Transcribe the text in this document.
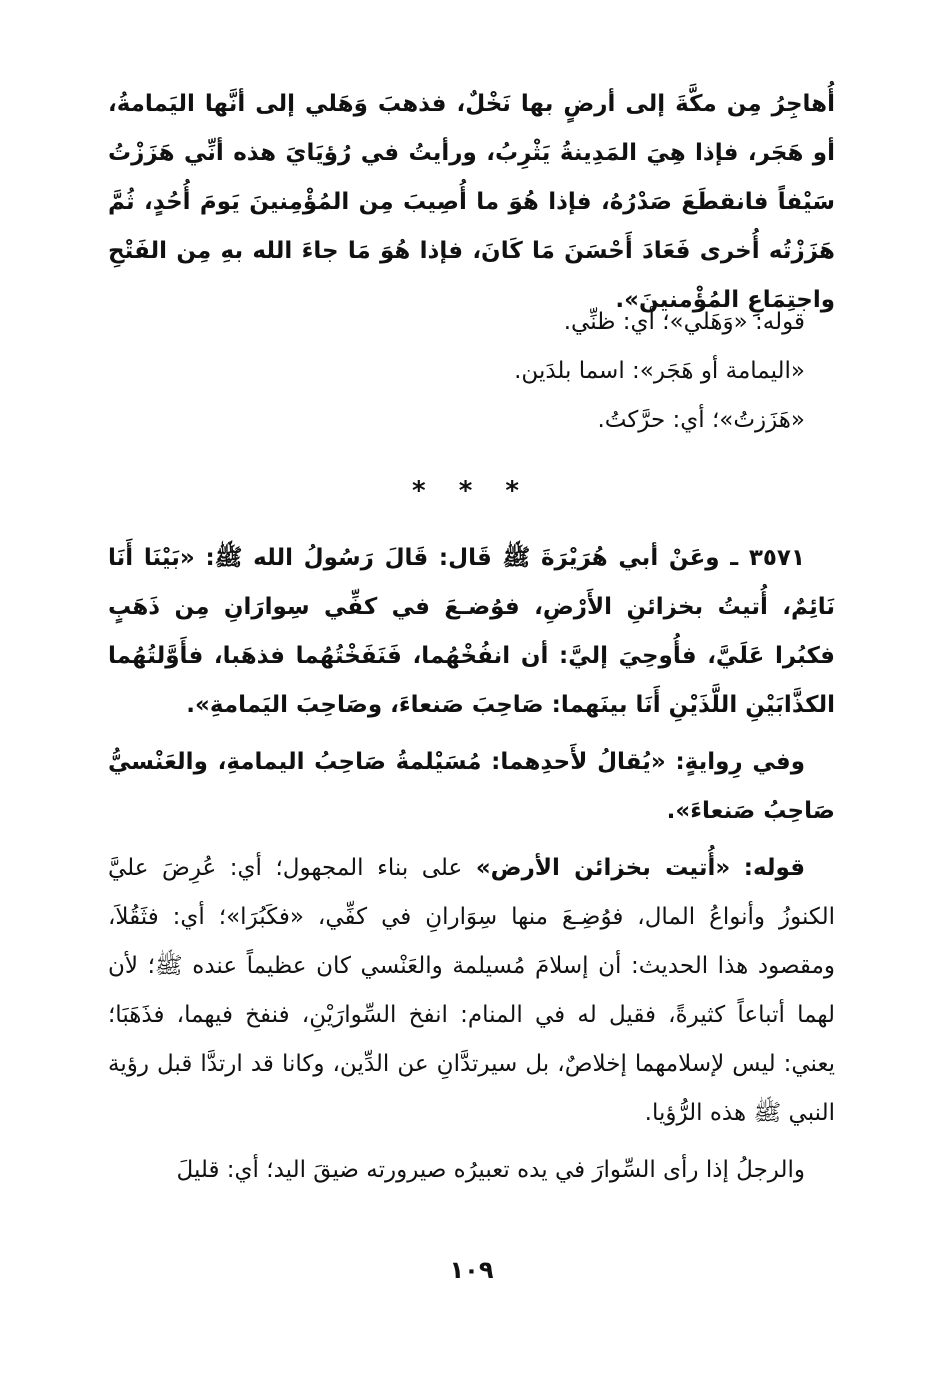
أُهاجِرُ مِن مكَّةَ إلى أرضٍ بها نَخْلٌ، فذهبَ وَهَلي إلى أنَّها اليَمامةُ، أو هَجَر، فإذا هِيَ المَدِينةُ يَثْرِبُ، ورأيتُ في رُؤيَايَ هذه أنِّي هَزَزْتُ سَيْفاً فانقطَعَ صَدْرُهُ، فإذا هُوَ ما أُصِيبَ مِن المُؤْمِنينَ يَومَ أُحُدٍ، ثُمَّ هَزَزْتُه أُخرى فَعَادَ أَحْسَنَ مَا كَانَ، فإذا هُوَ مَا جاءَ الله بهِ مِن الفَتْحِ واجتِمَاعِ المُؤْمنينَ».

قوله: «وَهَلي»؛ أي: ظنِّي.

«اليمامة أو هَجَر»: اسما بلدَين.

«هَزَزتُ»؛ أي: حرَّكتُ.

* * *

٣٥٧١ ـ وعَنْ أبي هُرَيْرَةَ ﷺ قَال: قَالَ رَسُولُ الله ﷺ: «بَيْنَا أَنَا نَائِمٌ، أُتيتُ بخزائنِ الأَرْضِ، فوُضـعَ في كفِّي سِوارَانِ مِن ذَهَبٍ فكبُرا عَلَيَّ، فأُوحِيَ إليَّ: أن انفُخْهُما، فَنَفَخْتُهُما فذهَبا، فأَوَّلتُهُما الكذَّابَيْنِ اللَّذَيْنِ أَنَا بينَهما: صَاحِبَ صَنعاءَ، وصَاحِبَ اليَمامةِ».

وفي رِوايةٍ: «يُقالُ لأَحدِهما: مُسَيْلمةُ صَاحِبُ اليمامةِ، والعَنْسيُّ صَاحِبُ صَنعاءَ».

قوله: «أُتيت بخزائن الأرض» على بناء المجهول؛ أي: عُرِضَ عليَّ الكنوزُ وأنواعُ المال، فوُضِـعَ منها سِوَارانِ في كفِّي، «فكَبُرَا»؛ أي: فثَقُلاَ، ومقصود هذا الحديث: أن إسلامَ مُسيلمة والعَنْسي كان عظيماً عنده ﷺ؛ لأن لهما أتباعاً كثيرةً، فقيل له في المنام: انفخ السِّوارَيْنِ، فنفخ فيهما، فذَهَبَا؛ يعني: ليس لإسلامهما إخلاصٌ، بل سيرتدَّانِ عن الدِّين، وكانا قد ارتدَّا قبل رؤية النبي ﷺ هذه الرُّؤيا.

والرجلُ إذا رأى السِّوارَ في يده تعبيرُه صيرورته ضيقَ اليد؛ أي: قليلَ

١٠٩
